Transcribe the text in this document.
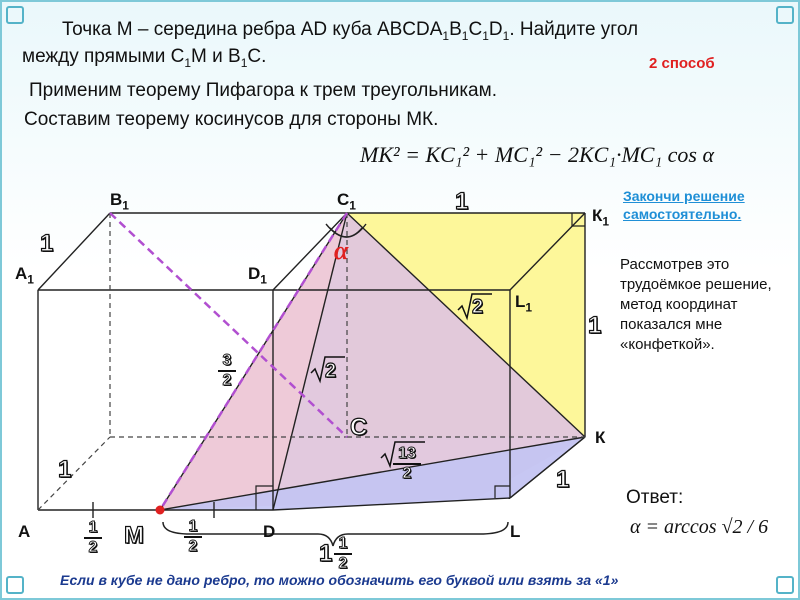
Точка М – середина ребра AD куба $ABCDA_1B_1C_1D_1$. Найдите угол
между прямыми $С_1М$ и $В_1С$.	2 способ
Применим теорему Пифагора к трем треугольникам.
Составим теорему косинусов для стороны МК.
MK² = KC₁² + MC₁² − 2KC₁·MC₁ cos α
Закончи решение
самостоятельно.
Рассмотрев это трудоёмкое решение, метод координат показался мне «конфеткой».
Ответ:
α = arccos √2 / 6
Если в кубе не дано ребро, то можно обозначить его буквой или взять за «1»
$B_1$	$C_1$
$К_1$
$A_1$	$D_1$
$L_1$
К
A	D	L
М
С
α
1
1
1
1	1
2
2
3
2
13
2
1
2
1
2	1 1
2
